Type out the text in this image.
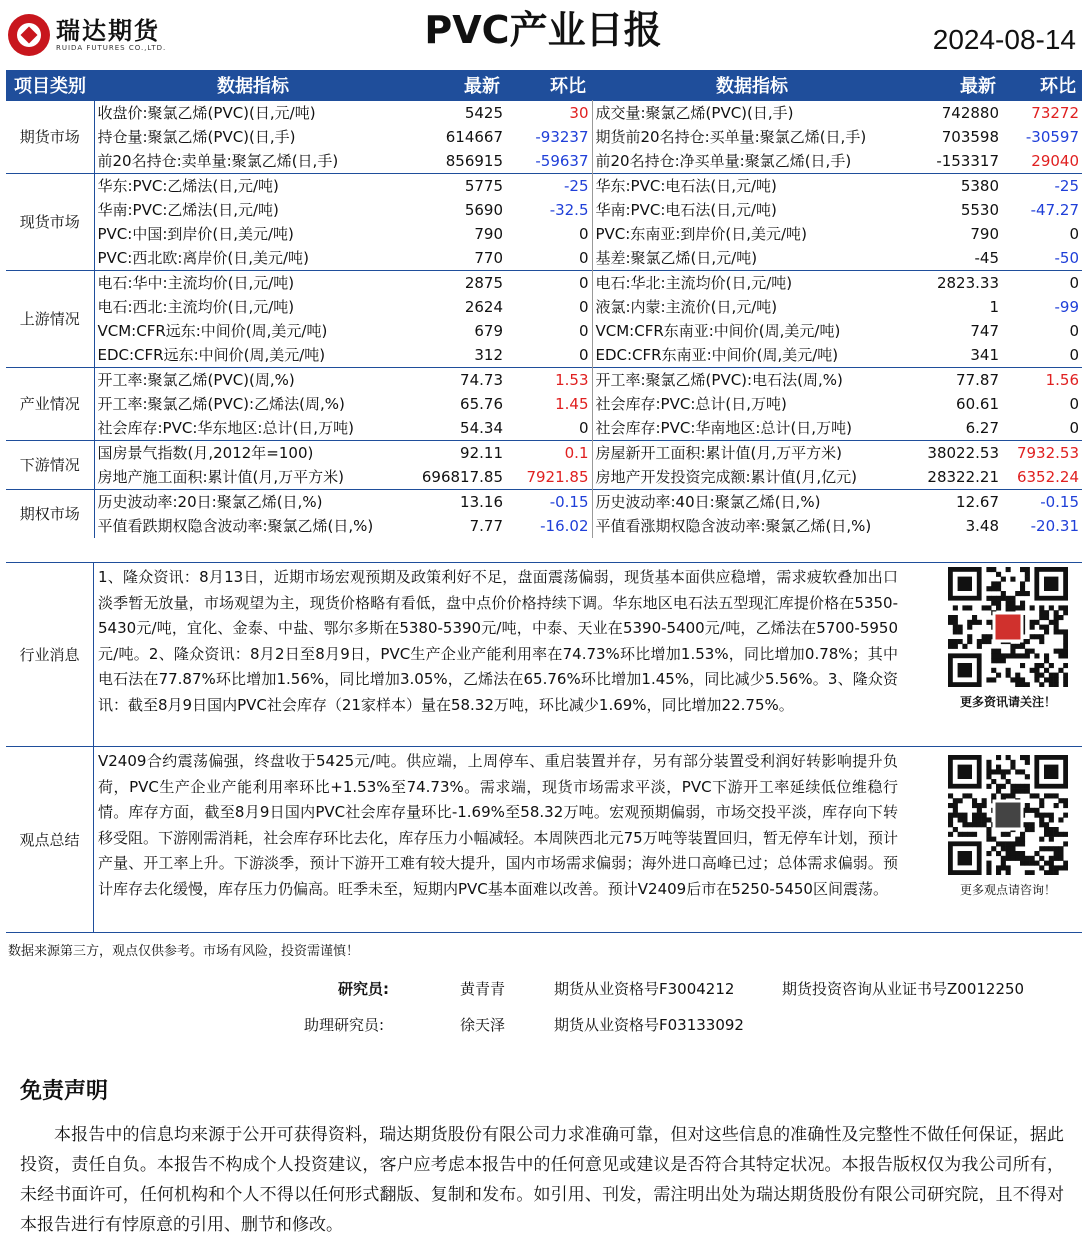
瑞达期货
RUIDA FUTURES CO.,LTD.	PVC产业日报	2024-08-14
项目类别	数据指标	最新	环比	数据指标	最新	环比
期货市场	收盘价:聚氯乙烯(PVC)(日,元/吨)	5425	30	成交量:聚氯乙烯(PVC)(日,手)	742880	73272
	持仓量:聚氯乙烯(PVC)(日,手)	614667	-93237	期货前20名持仓:买单量:聚氯乙烯(日,手)	703598	-30597
	前20名持仓:卖单量:聚氯乙烯(日,手)	856915	-59637	前20名持仓:净买单量:聚氯乙烯(日,手)	-153317	29040
现货市场	华东:PVC:乙烯法(日,元/吨)	5775	-25	华东:PVC:电石法(日,元/吨)	5380	-25
	华南:PVC:乙烯法(日,元/吨)	5690	-32.5	华南:PVC:电石法(日,元/吨)	5530	-47.27
	PVC:中国:到岸价(日,美元/吨)	790	0	PVC:东南亚:到岸价(日,美元/吨)	790	0
	PVC:西北欧:离岸价(日,美元/吨)	770	0	基差:聚氯乙烯(日,元/吨)	-45	-50
上游情况	电石:华中:主流均价(日,元/吨)	2875	0	电石:华北:主流均价(日,元/吨)	2823.33	0
	电石:西北:主流均价(日,元/吨)	2624	0	液氯:内蒙:主流价(日,元/吨)	1	-99
	VCM:CFR远东:中间价(周,美元/吨)	679	0	VCM:CFR东南亚:中间价(周,美元/吨)	747	0
	EDC:CFR远东:中间价(周,美元/吨)	312	0	EDC:CFR东南亚:中间价(周,美元/吨)	341	0
产业情况	开工率:聚氯乙烯(PVC)(周,%)	74.73	1.53	开工率:聚氯乙烯(PVC):电石法(周,%)	77.87	1.56
	开工率:聚氯乙烯(PVC):乙烯法(周,%)	65.76	1.45	社会库存:PVC:总计(日,万吨)	60.61	0
	社会库存:PVC:华东地区:总计(日,万吨)	54.34	0	社会库存:PVC:华南地区:总计(日,万吨)	6.27	0
下游情况	国房景气指数(月,2012年=100)	92.11	0.1	房屋新开工面积:累计值(月,万平方米)	38022.53	7932.53
	房地产施工面积:累计值(月,万平方米)	696817.85	7921.85	房地产开发投资完成额:累计值(月,亿元)	28322.21	6352.24
期权市场	历史波动率:20日:聚氯乙烯(日,%)	13.16	-0.15	历史波动率:40日:聚氯乙烯(日,%)	12.67	-0.15
	平值看跌期权隐含波动率:聚氯乙烯(日,%)	7.77	-16.02	平值看涨期权隐含波动率:聚氯乙烯(日,%)	3.48	-20.31
行业消息
1、隆众资讯：8月13日，近期市场宏观预期及政策利好不足，盘面震荡偏弱，现货基本面供应稳增，需求疲软叠加出口淡季暂无放量，市场观望为主，现货价格略有看低，盘中点价价格持续下调。华东地区电石法五型现汇库提价格在5350-5430元/吨，宜化、金泰、中盐、鄂尔多斯在5380-5390元/吨，中泰、天业在5390-5400元/吨，乙烯法在5700-5950元/吨。2、隆众资讯：8月2日至8月9日，PVC生产企业产能利用率在74.73%环比增加1.53%，同比增加0.78%；其中电石法在77.87%环比增加1.56%，同比增加3.05%，乙烯法在65.76%环比增加1.45%，同比减少5.56%。3、隆众资讯：截至8月9日国内PVC社会库存（21家样本）量在58.32万吨，环比减少1.69%，同比增加22.75%。	更多资讯请关注！
观点总结
V2409合约震荡偏强，终盘收于5425元/吨。供应端，上周停车、重启装置并存，另有部分装置受利润好转影响提升负荷，PVC生产企业产能利用率环比+1.53%至74.73%。需求端，现货市场需求平淡，PVC下游开工率延续低位维稳行情。库存方面，截至8月9日国内PVC社会库存量环比-1.69%至58.32万吨。宏观预期偏弱，市场交投平淡，库存向下转移受阻。下游刚需消耗，社会库存环比去化，库存压力小幅减轻。本周陕西北元75万吨等装置回归，暂无停车计划，预计产量、开工率上升。下游淡季，预计下游开工难有较大提升，国内市场需求偏弱；海外进口高峰已过；总体需求偏弱。预计库存去化缓慢，库存压力仍偏高。旺季未至，短期内PVC基本面难以改善。预计V2409后市在5250-5450区间震荡。	更多观点请咨询！
数据来源第三方，观点仅供参考。市场有风险，投资需谨慎！
研究员:	黄青青	期货从业资格号F3004212	期货投资咨询从业证书号Z0012250
助理研究员:	徐天泽	期货从业资格号F03133092
免责声明
本报告中的信息均来源于公开可获得资料，瑞达期货股份有限公司力求准确可靠，但对这些信息的准确性及完整性不做任何保证，据此投资，责任自负。本报告不构成个人投资建议，客户应考虑本报告中的任何意见或建议是否符合其特定状况。本报告版权仅为我公司所有，未经书面许可，任何机构和个人不得以任何形式翻版、复制和发布。如引用、刊发，需注明出处为瑞达期货股份有限公司研究院，且不得对本报告进行有悖原意的引用、删节和修改。
